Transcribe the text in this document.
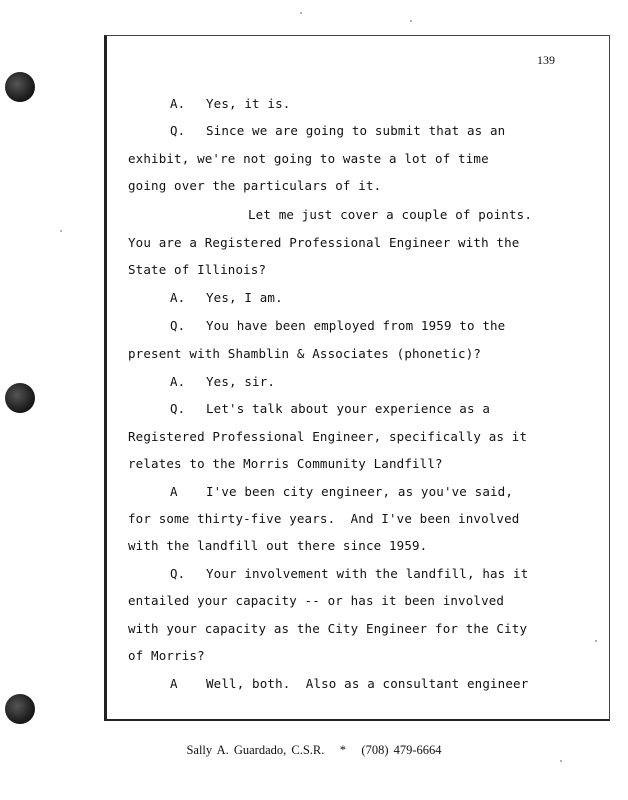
139
A. Yes, it is.
Q. Since we are going to submit that as an
exhibit, we're not going to waste a lot of time
going over the particulars of it.
Let me just cover a couple of points.
You are a Registered Professional Engineer with the
State of Illinois?
A. Yes, I am.
Q. You have been employed from 1959 to the
present with Shamblin & Associates (phonetic)?
A. Yes, sir.
Q. Let's talk about your experience as a
Registered Professional Engineer, specifically as it
relates to the Morris Community Landfill?
A I've been city engineer, as you've said,
for some thirty-five years.  And I've been involved
with the landfill out there since 1959.
Q. Your involvement with the landfill, has it
entailed your capacity -- or has it been involved
with your capacity as the City Engineer for the City
of Morris?
A Well, both.  Also as a consultant engineer
Sally A. Guardado, C.S.R. * (708) 479-6664
